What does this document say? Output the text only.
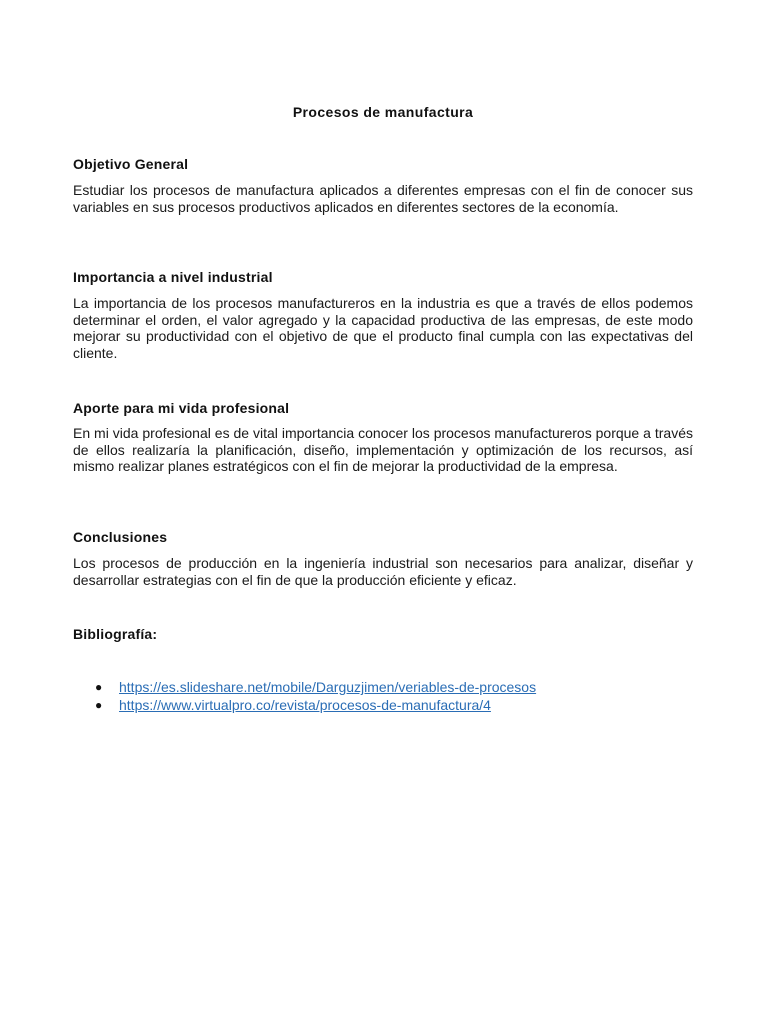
Procesos de manufactura
Objetivo General
Estudiar los procesos de manufactura aplicados a diferentes empresas con el fin de conocer sus variables en sus procesos productivos aplicados en diferentes sectores de la economía.
Importancia a nivel industrial
La importancia de los procesos manufactureros en la industria es que a través de ellos podemos determinar el orden, el valor agregado y la capacidad productiva de las empresas, de este modo mejorar su productividad con el objetivo de que el producto final cumpla con las expectativas del cliente.
Aporte para mi vida profesional
En mi vida profesional es de vital importancia conocer los procesos manufactureros porque a través de ellos realizaría la planificación, diseño, implementación y optimización de los recursos, así mismo realizar planes estratégicos con el fin de mejorar la productividad de la empresa.
Conclusiones
Los procesos de producción en la ingeniería industrial son necesarios para analizar, diseñar y desarrollar estrategias con el fin de que la producción eficiente y eficaz.
Bibliografía:
● https://es.slideshare.net/mobile/Darguzjimen/veriables-de-procesos
● https://www.virtualpro.co/revista/procesos-de-manufactura/4
